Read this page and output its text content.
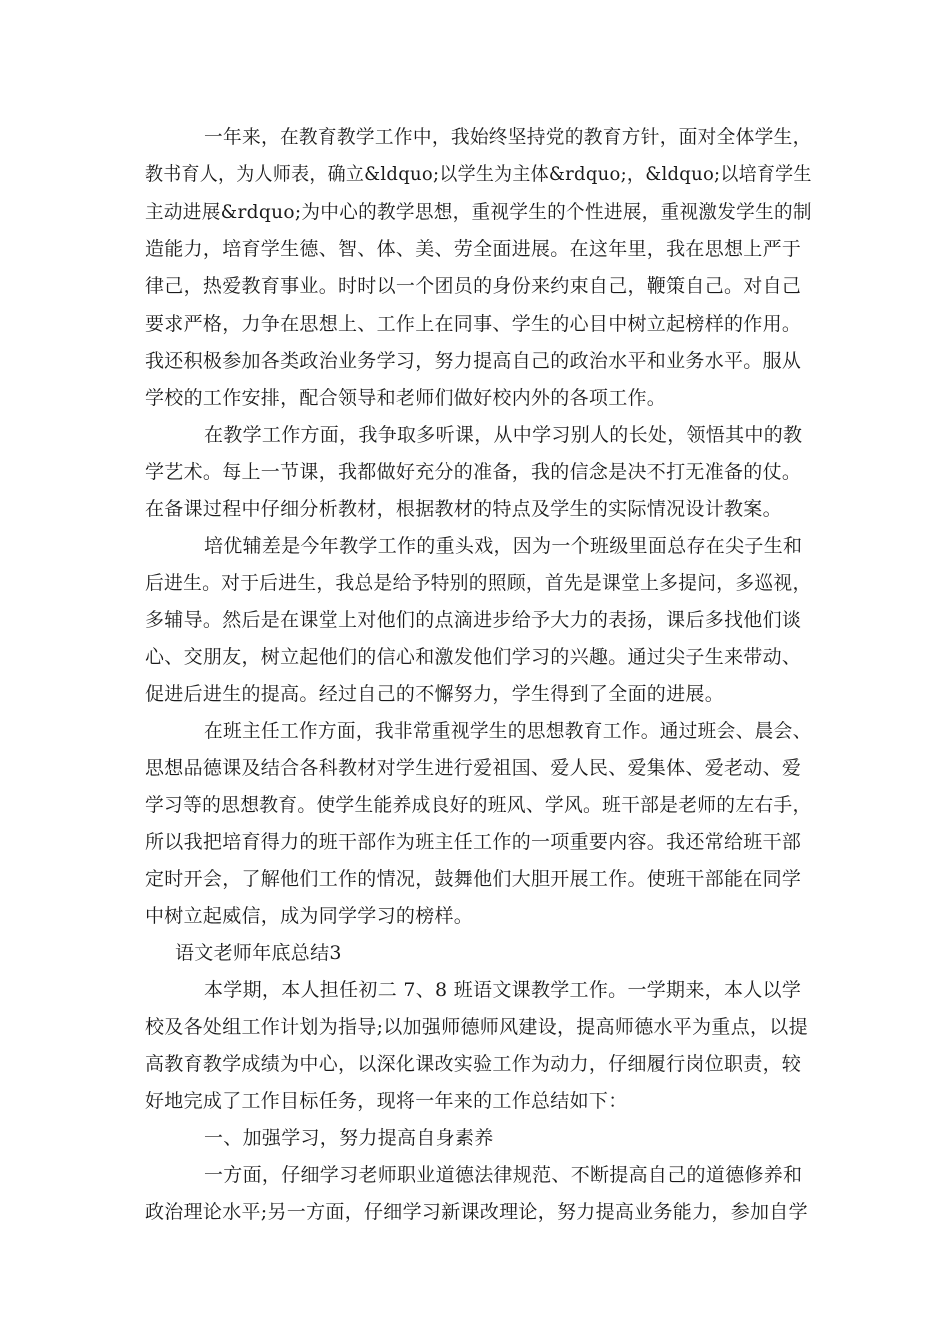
一年来，在教育教学工作中，我始终坚持党的教育方针，面对全体学生，
教书育人，为人师表，确立&ldquo;以学生为主体&rdquo;，&ldquo;以培育学生
主动进展&rdquo;为中心的教学思想，重视学生的个性进展，重视激发学生的制
造能力，培育学生德、智、体、美、劳全面进展。在这年里，我在思想上严于
律己，热爱教育事业。时时以一个团员的身份来约束自己，鞭策自己。对自己
要求严格，力争在思想上、工作上在同事、学生的心目中树立起榜样的作用。
我还积极参加各类政治业务学习，努力提高自己的政治水平和业务水平。服从
学校的工作安排，配合领导和老师们做好校内外的各项工作。
在教学工作方面，我争取多听课，从中学习别人的长处，领悟其中的教
学艺术。每上一节课，我都做好充分的准备，我的信念是决不打无准备的仗。
在备课过程中仔细分析教材，根据教材的特点及学生的实际情况设计教案。
培优辅差是今年教学工作的重头戏，因为一个班级里面总存在尖子生和
后进生。对于后进生，我总是给予特别的照顾，首先是课堂上多提问，多巡视，
多辅导。然后是在课堂上对他们的点滴进步给予大力的表扬，课后多找他们谈
心、交朋友，树立起他们的信心和激发他们学习的兴趣。通过尖子生来带动、
促进后进生的提高。经过自己的不懈努力，学生得到了全面的进展。
在班主任工作方面，我非常重视学生的思想教育工作。通过班会、晨会、
思想品德课及结合各科教材对学生进行爱祖国、爱人民、爱集体、爱老动、爱
学习等的思想教育。使学生能养成良好的班风、学风。班干部是老师的左右手，
所以我把培育得力的班干部作为班主任工作的一项重要内容。我还常给班干部
定时开会，了解他们工作的情况，鼓舞他们大胆开展工作。使班干部能在同学
中树立起威信，成为同学学习的榜样。
语文老师年底总结3
本学期，本人担任初二 7、8 班语文课教学工作。一学期来，本人以学
校及各处组工作计划为指导;以加强师德师风建设，提高师德水平为重点，以提
高教育教学成绩为中心，以深化课改实验工作为动力，仔细履行岗位职责，较
好地完成了工作目标任务，现将一年来的工作总结如下：
一、加强学习，努力提高自身素养
一方面，仔细学习老师职业道德法律规范、不断提高自己的道德修养和
政治理论水平;另一方面，仔细学习新课改理论，努力提高业务能力，参加自学
